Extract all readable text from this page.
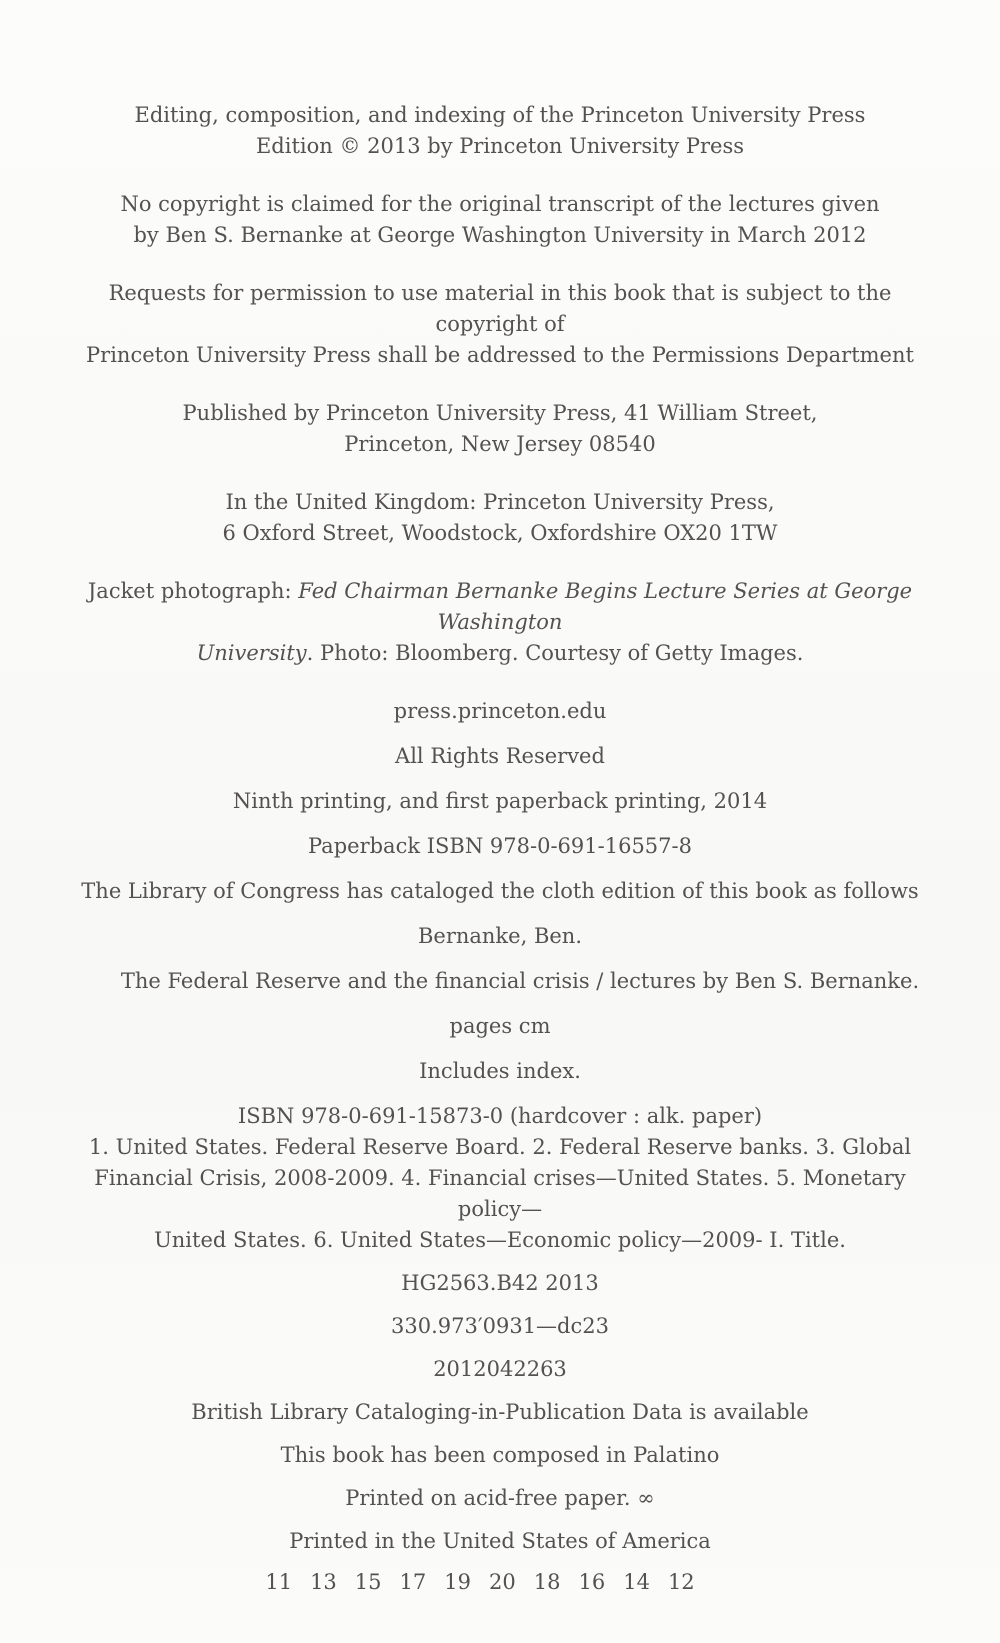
Editing, composition, and indexing of the Princeton University Press
Edition © 2013 by Princeton University Press

No copyright is claimed for the original transcript of the lectures given
by Ben S. Bernanke at George Washington University in March 2012

Requests for permission to use material in this book that is subject to the copyright of
Princeton University Press shall be addressed to the Permissions Department

Published by Princeton University Press, 41 William Street,
Princeton, New Jersey 08540

In the United Kingdom: Princeton University Press,
6 Oxford Street, Woodstock, Oxfordshire OX20 1TW

Jacket photograph: Fed Chairman Bernanke Begins Lecture Series at George Washington
University. Photo: Bloomberg. Courtesy of Getty Images.

press.princeton.edu

All Rights Reserved

Ninth printing, and first paperback printing, 2014

Paperback ISBN 978-0-691-16557-8

The Library of Congress has cataloged the cloth edition of this book as follows

Bernanke, Ben.

The Federal Reserve and the financial crisis / lectures by Ben S. Bernanke.

pages cm

Includes index.

ISBN 978-0-691-15873-0 (hardcover : alk. paper)
1. United States. Federal Reserve Board. 2. Federal Reserve banks. 3. Global
Financial Crisis, 2008-2009. 4. Financial crises—United States. 5. Monetary policy—
United States. 6. United States—Economic policy—2009- I. Title.

HG2563.B42 2013

330.973′0931—dc23

2012042263

British Library Cataloging-in-Publication Data is available

This book has been composed in Palatino

Printed on acid-free paper. ∞

Printed in the United States of America

11 13 15 17 19 20 18 16 14 12
